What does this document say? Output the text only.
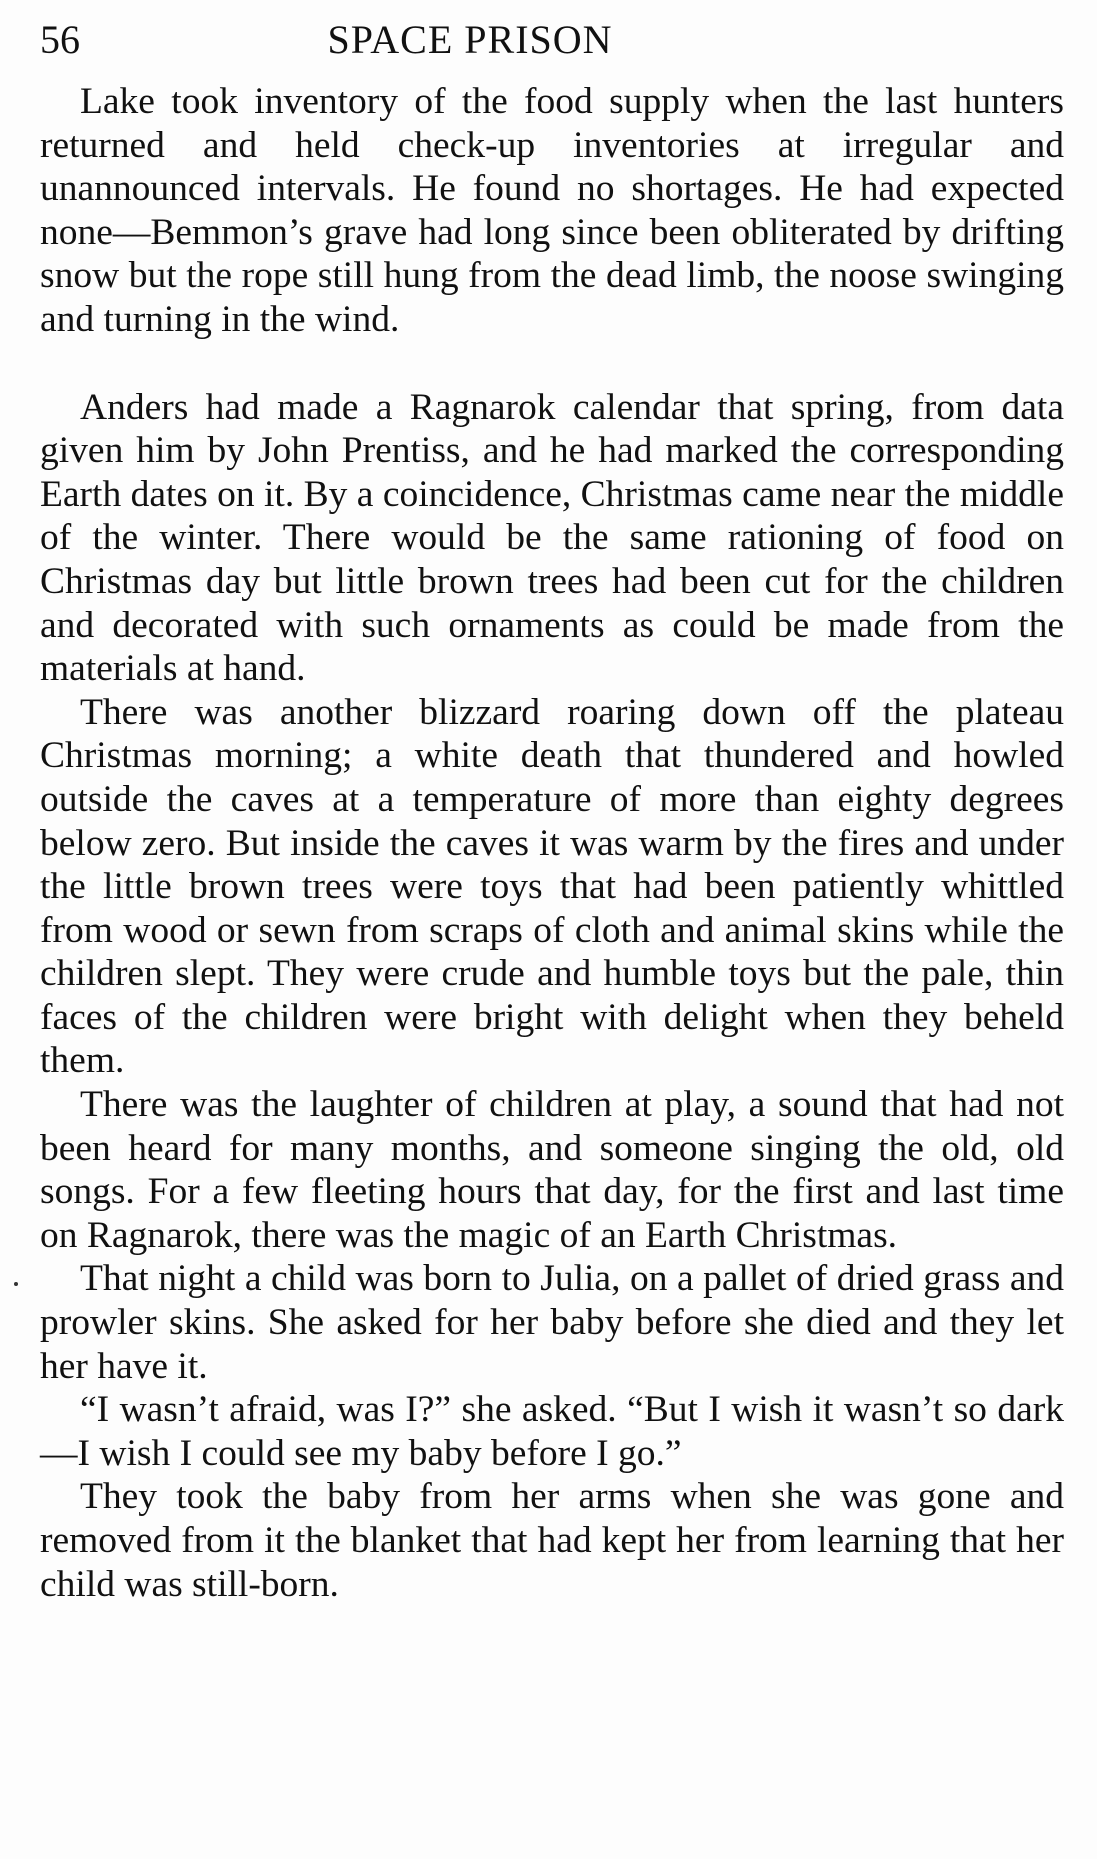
56	SPACE PRISON

Lake took inventory of the food supply when the last hunters returned and held check-up inventories at irregular and unannounced intervals. He found no shortages. He had expected none—Bemmon’s grave had long since been obliterated by drifting snow but the rope still hung from the dead limb, the noose swinging and turning in the wind.

Anders had made a Ragnarok calendar that spring, from data given him by John Prentiss, and he had marked the corresponding Earth dates on it. By a coincidence, Christmas came near the middle of the winter. There would be the same rationing of food on Christmas day but little brown trees had been cut for the children and decorated with such ornaments as could be made from the materials at hand.

There was another blizzard roaring down off the plateau Christmas morning; a white death that thundered and howled outside the caves at a temperature of more than eighty degrees below zero. But inside the caves it was warm by the fires and under the little brown trees were toys that had been patiently whittled from wood or sewn from scraps of cloth and animal skins while the children slept. They were crude and humble toys but the pale, thin faces of the children were bright with delight when they beheld them.

There was the laughter of children at play, a sound that had not been heard for many months, and someone singing the old, old songs. For a few fleeting hours that day, for the first and last time on Ragnarok, there was the magic of an Earth Christmas.

That night a child was born to Julia, on a pallet of dried grass and prowler skins. She asked for her baby before she died and they let her have it.

“I wasn’t afraid, was I?” she asked. “But I wish it wasn’t so dark—I wish I could see my baby before I go.”

They took the baby from her arms when she was gone and removed from it the blanket that had kept her from learning that her child was still-born.
